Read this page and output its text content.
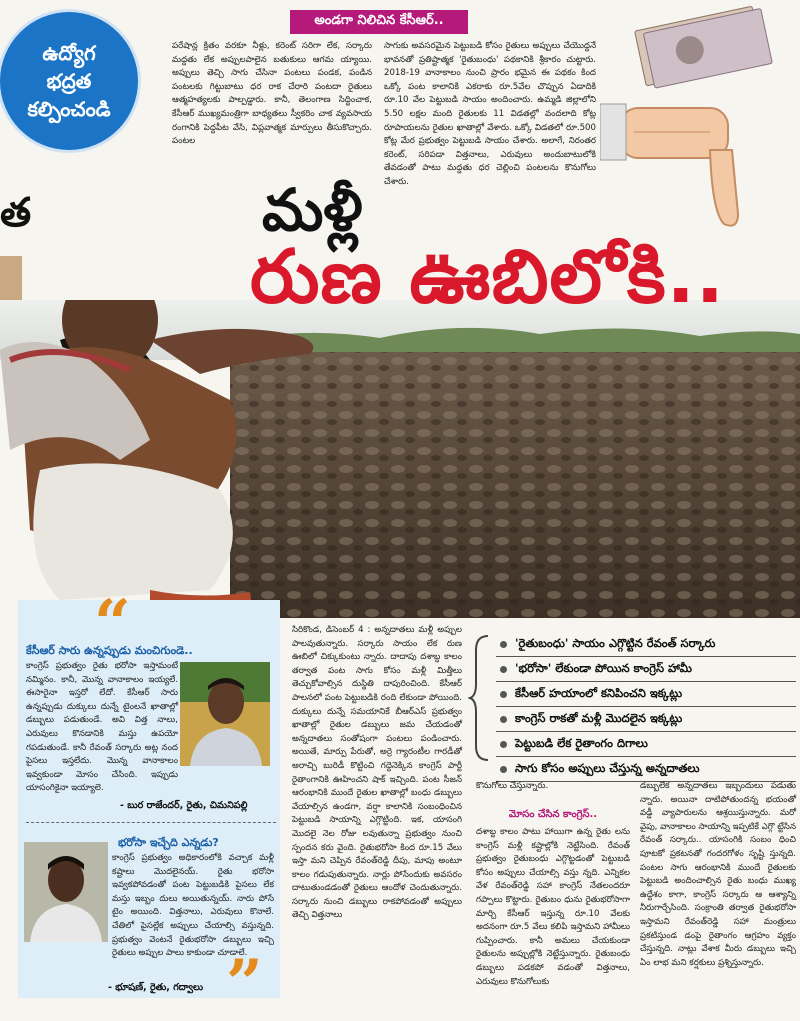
ఉద్యోగ
భద్రత
కల్పించండి
త
అండగా నిలిచిన కేసీఆర్..

పరేషాన్ల క్రితం వరకూ నీళ్లు, కరెంట్ సరిగా లేక, సర్కారు మద్దతు లేక అప్పులపాలైన బతుకులు ఆగమ య్యాయి. అప్పులు తెచ్చి సాగు చేసినా పంటలు పండక, పండిన పంటలకు గిట్టుబాటు ధర రాక చేరారి పంటదా రైతులు ఆత్మహత్యలకు పాల్పడ్డారు. కానీ, తెలంగాణ సిద్ధించాక, కేసీఆర్ ముఖ్యమంత్రిగా బాధ్యతలు స్వీకరిం చాక వ్యవసాయ రంగానికి పెద్దపీట వేసి, విప్లవాత్మక మార్పులు తీసుకొచ్చారు. పంటల

సాగుకు అవసరమైన పెట్టుబడి కోసం రైతులు అప్పులు చేయొద్దనే భావనతో ప్రతిష్టాత్మక 'రైతుబంధు' పథకానికి శ్రీకారం చుట్టారు. 2018-19 వానాకాలం నుంచి ప్రారం భమైన ఈ పథకం కింద ఒక్కో పంట కాలానికి ఎకరాకు రూ.5వేల చొప్పున ఏడాదికి రూ.10 వేల పెట్టుబడి సాయం అందించారు. ఉమ్మడి జిల్లాలోని 5.50 లక్షల మంది రైతులకు 11 విడతల్లో వందలాది కోట్ల రూపాయలను రైతుల ఖాతాల్లో వేశారు. ఒక్కో విడతలో రూ.500 కోట్ల మేర ప్రభుత్వం పెట్టుబడి సాయం చేశారు. అలాగే, నిరంతర కరెంట్, సరిపడా విత్తనాలు, ఎరువులు అందుబాటులోకి తేవడంతో పాటు మద్దతు ధర చెల్లించి పంటలను కొనుగోలు చేశారు.

మళ్లీ
రుణ ఊబిలోకి..
'రైతుబంధు' సాయం ఎగ్గొట్టిన రేవంత్ సర్కారు
'భరోసా' లేకుండా పోయిన కాంగ్రెస్ హామీ
కేసీఆర్ హయాంలో కనిపించని ఇక్కట్లు
కాంగ్రెస్ రాకతో మళ్లీ మొదలైన ఇక్కట్లు
పెట్టుబడి లేక రైతాంగం దిగాలు
సాగు కోసం అప్పులు చేస్తున్న అన్నదాతలు
“
కేసీఆర్ సారు ఉన్నప్పుడు మంచిగుండె..

కాంగ్రెస్ ప్రభుత్వం రైతు భరోసా ఇస్తామంటే నమ్మినం. కానీ, మొన్న వానాకాలం ఇయ్యలే. ఈసారైనా ఇస్తరో లేదో. కేసీఆర్ సారు ఉన్నప్పుడు దుక్కులు దున్నే టైంలనే ఖాతాల్లో డబ్బులు పడుతుండే. అవి విత్త నాలు, ఎరువులు కొనడానికి మస్తు ఉపయో గపడుతుండే. కానీ రేవంత్ సర్కారు అట్ల నంద పైసలు ఇస్తలేదు. మొన్న వానాకాలం ఇవ్వకుండా మోసం చేసింది. ఇప్పుడు యాసంగికైనా ఇయ్యాలె.

- బుర రాజేందర్, రైతు, చిమనిపల్లి
భరోసా ఇచ్చేది ఎన్నడు?

కాంగ్రెస్ ప్రభుత్వం అధికారంలోకి వచ్చాక మళ్లీ కష్టాలు మొదలైనయ్. రైతు భరోసా ఇవ్వకపోవడంతో పంట పెట్టుబడికి పైసలు లేక మస్తు ఇబ్బం దులు అయితున్నయ్. నారు పోసే టైం అయింది. విత్తనాలు, ఎరువులు కొనాలే. చేతిలో పైసల్లేక అప్పులు చేయాల్సి వస్తున్నది. ప్రభుత్వం వెంటనే రైతుభరోసా డబ్బులు ఇచ్చి రైతులు అప్పుల పాలు కాకుండా చూడాలే.

”
- భూషణ్, రైతు, గద్వాలు

సిరికొండ, డిసెంబర్ 4 : అన్నదాతలు మళ్లీ అప్పుల పాలవుతున్నారు. సర్కారు సాయం లేక రుణ ఊబిలో చిక్కుకుంటు న్నారు. దాదాపు దశాబ్ద కాలం తర్వాత పంట సాగు కోసం మళ్లీ మిత్తీలు తెచ్చుకోవాల్సిన దుస్థితి దాపురించింది. కేసీఆర్ పాలనలో పంట పెట్టుబడికి రంది లేకుండా పోయింది. దుక్కులు దున్నే సమయానికే బీఆర్ఎస్ ప్రభుత్వం ఖాతాల్లో రైతుల డబ్బులు జమ చేయడంతో అన్నదాతలు సంతోషంగా పంటలు పండించారు. అయితే, మార్పు పేరుతో, అర్రె గ్యారంటీల గారడీతో అరాచ్చి బురిడీ కొట్టించి గద్దెనెక్కిన కాంగ్రెస్ పార్టీ రైతాంగానికి ఊహించని షాక్ ఇచ్చింది. పంట సీజన్ ఆరంభానికి ముందే రైతుల ఖాతాల్లో బంధు డబ్బులు వేయాల్సిన ఉండగా, వర్షా కాలానికి సంబంధించిన పెట్టుబడి సాయాన్ని ఎగ్గొట్టింది. ఇక, యాసంగి మొదలై నెల రోజు లవుతున్నా ప్రభుత్వం నుంచి స్పందన కరు వైంది. రైతుభరోసా కింద రూ.15 వేలు ఇస్తా మని చెప్పిన రేవంత్‌రెడ్డి దీపు, మాపు అంటూ కాలం గడుపుతున్నారు. నార్లు పోసేందుకు అవసరం దాటుతుండడంతో రైతులు ఆందోళ చెందుతున్నారు. సర్కారు నుంచి డబ్బులు రాకపోవడంతో అప్పులు తెచ్చి విత్తనాలు

కొనుగోలు చేస్తున్నారు.

మోసం చేసిన కాంగ్రెస్..

దశాబ్ద కాలం పాటు హాయిగా ఉన్న రైతు లను కాంగ్రెస్ మళ్లీ కష్టాల్లోకి నెట్టేసింది. రేవంత్ ప్రభుత్వం రైతుబంధు ఎగ్గొట్టడంతో పెట్టుబడి కోసం అప్పులు చేయాల్సి వస్తు న్నది. ఎన్నికల వేళ రేవంత్‌రెడ్డి సహా కాంగ్రెస్ నేతలందరూ గప్పాలు కొట్టారు. రైతుబం ధును రైతుభరోసాగా మార్చి కేసీఆర్ ఇస్తున్న రూ.10 వేలకు అదనంగా రూ.5 వేలు కలిపి ఇస్తామని హామీలు గుప్పించారు. కానీ అమలు చేయకుండా రైతులను అప్పుల్లోకి నెట్టేస్తున్నారు. రైతుబంధు డబ్బులు పడకపో వడంతో విత్తనాలు, ఎరువులు కొనుగోలుకు

డబ్బులేక అన్నదాతలు ఇబ్బందులు పడుతు న్నారు. అయినా దాటిపోతుందన్న భయంతో వడ్డీ వ్యాపారులను ఆశ్రయిస్తున్నారు. మరో వైపు, వానాకాలం సాయాన్ని ఇప్పటికే ఎగ్గొ ట్టేసిన రేవంత్ సర్కారు.. యాసంగికి సంబం ధించి పూటకో ప్రకటనతో గందరగోళం సృష్టి స్తున్నది. పంటల సాగు ఆరంభానికి ముందే రైతులకు పెట్టుబడి అందించాల్సిన రైతు బంధు ముఖ్య ఉద్దేశం కాగా, కాంగ్రెస్ సర్కారు ఆ ఆశ్యాన్ని నీరుగార్చేసింది. సంక్రాంతి తర్వాత రైతుభరోసా ఇస్తామని రేవంత్‌రెడ్డి సహా మంత్రులు ప్రకటిస్తుండ డంపై రైతాంగం ఆగ్రహం వ్యక్తం చేస్తున్నది. నాట్లు వేశాక మీరు డబ్బులు ఇచ్చి ఏం లాభ మని కర్షకులు ప్రశ్నిస్తున్నారు.
